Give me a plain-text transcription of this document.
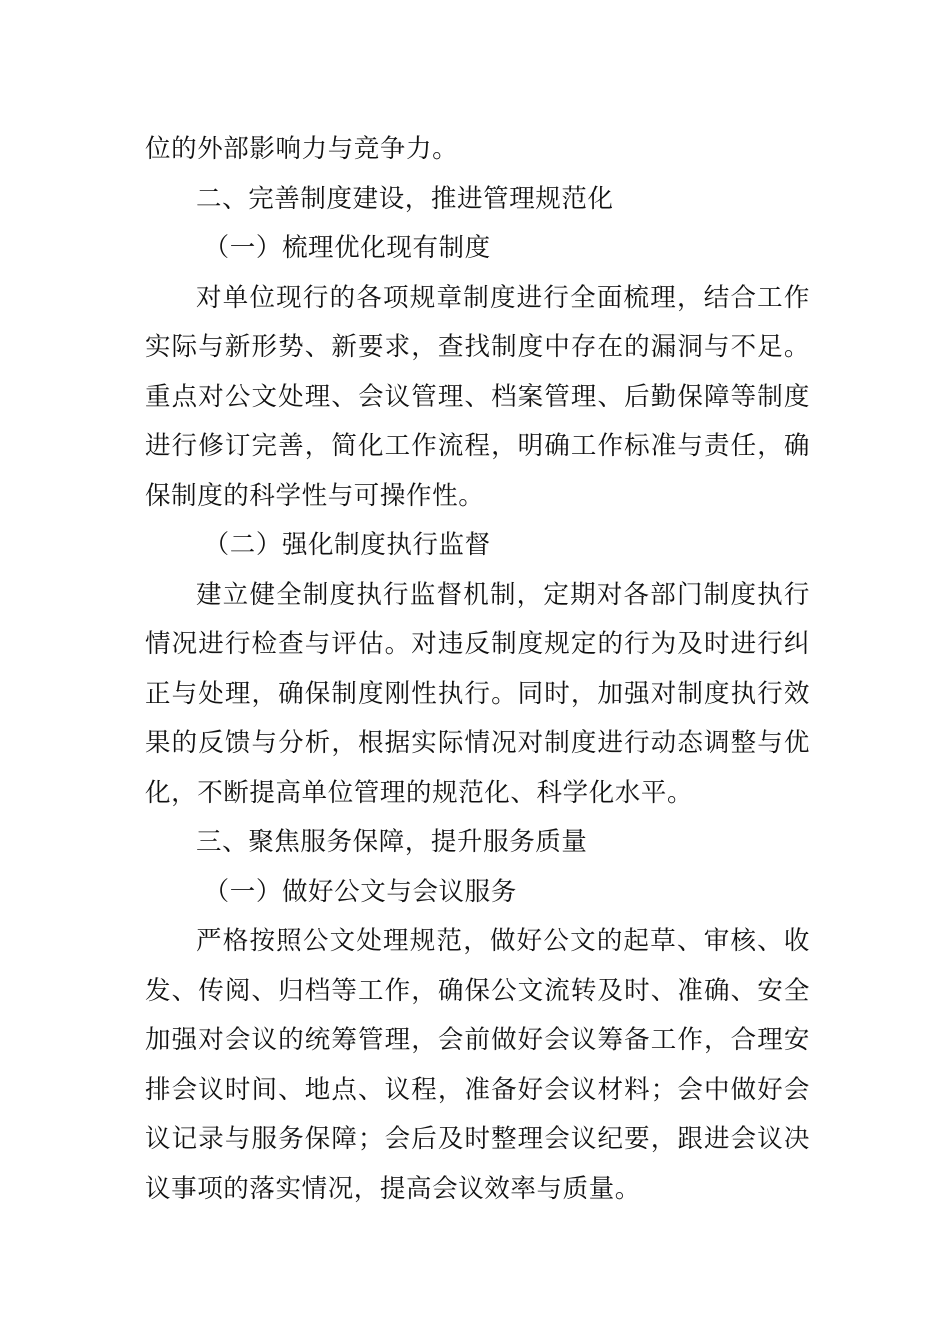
位的外部影响力与竞争力。

二、完善制度建设，推进管理规范化

（一）梳理优化现有制度

对单位现行的各项规章制度进行全面梳理，结合工作实际与新形势、新要求，查找制度中存在的漏洞与不足。重点对公文处理、会议管理、档案管理、后勤保障等制度进行修订完善，简化工作流程，明确工作标准与责任，确保制度的科学性与可操作性。

（二）强化制度执行监督

建立健全制度执行监督机制，定期对各部门制度执行情况进行检查与评估。对违反制度规定的行为及时进行纠正与处理，确保制度刚性执行。同时，加强对制度执行效果的反馈与分析，根据实际情况对制度进行动态调整与优化，不断提高单位管理的规范化、科学化水平。

三、聚焦服务保障，提升服务质量

（一）做好公文与会议服务

严格按照公文处理规范，做好公文的起草、审核、收发、传阅、归档等工作，确保公文流转及时、准确、安全加强对会议的统筹管理，会前做好会议筹备工作，合理安排会议时间、地点、议程，准备好会议材料；会中做好会议记录与服务保障；会后及时整理会议纪要，跟进会议决议事项的落实情况，提高会议效率与质量。
